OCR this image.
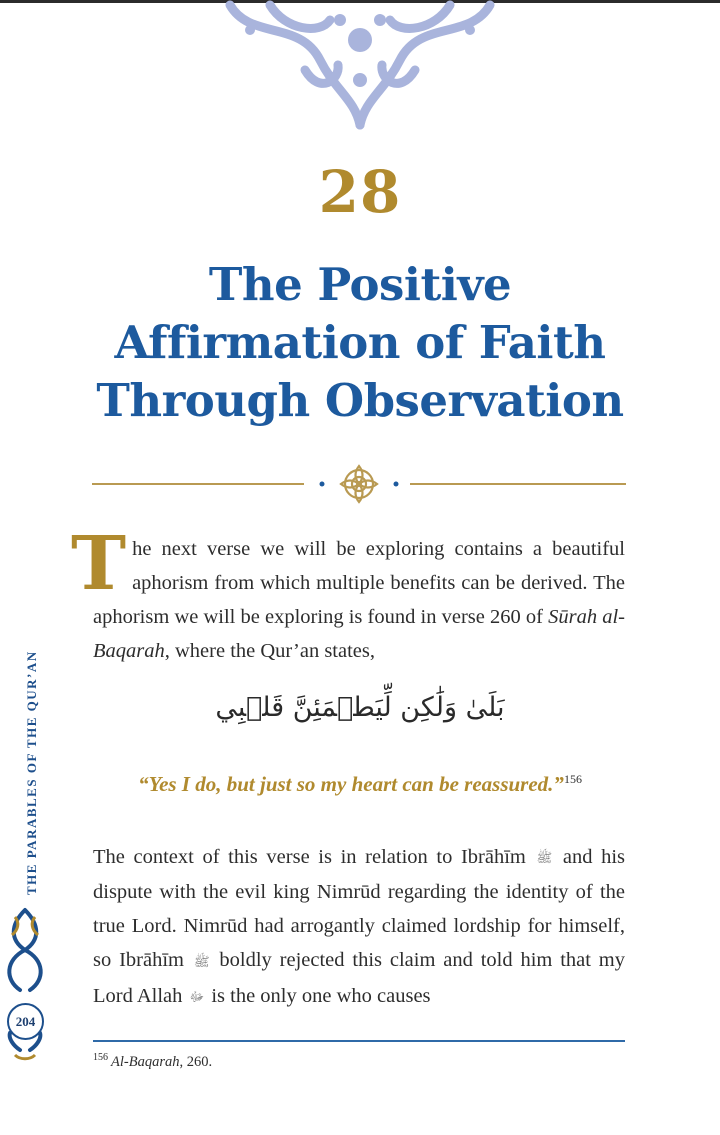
28
The Positive Affirmation of Faith Through Observation

The next verse we will be exploring contains a beautiful aphorism from which multiple benefits can be derived. The aphorism we will be exploring is found in verse 260 of Sūrah al-Baqarah, where the Qur’an states,

بَلَىٰ وَلَٰكِن لِّيَطۡمَئِنَّ قَلۡبِي
“Yes I do, but just so my heart can be reassured.”$^{156}$

The context of this verse is in relation to Ibrāhīm ﷺ and his dispute with the evil king Nimrūd regarding the identity of the true Lord. Nimrūd had arrogantly claimed lordship for himself, so Ibrāhīm ﷺ boldly rejected this claim and told him that my Lord Allah ﷻ is the only one who causes

$^{156}$ Al-Baqarah, 260.
THE PARABLES OF THE QUR’AN
204
